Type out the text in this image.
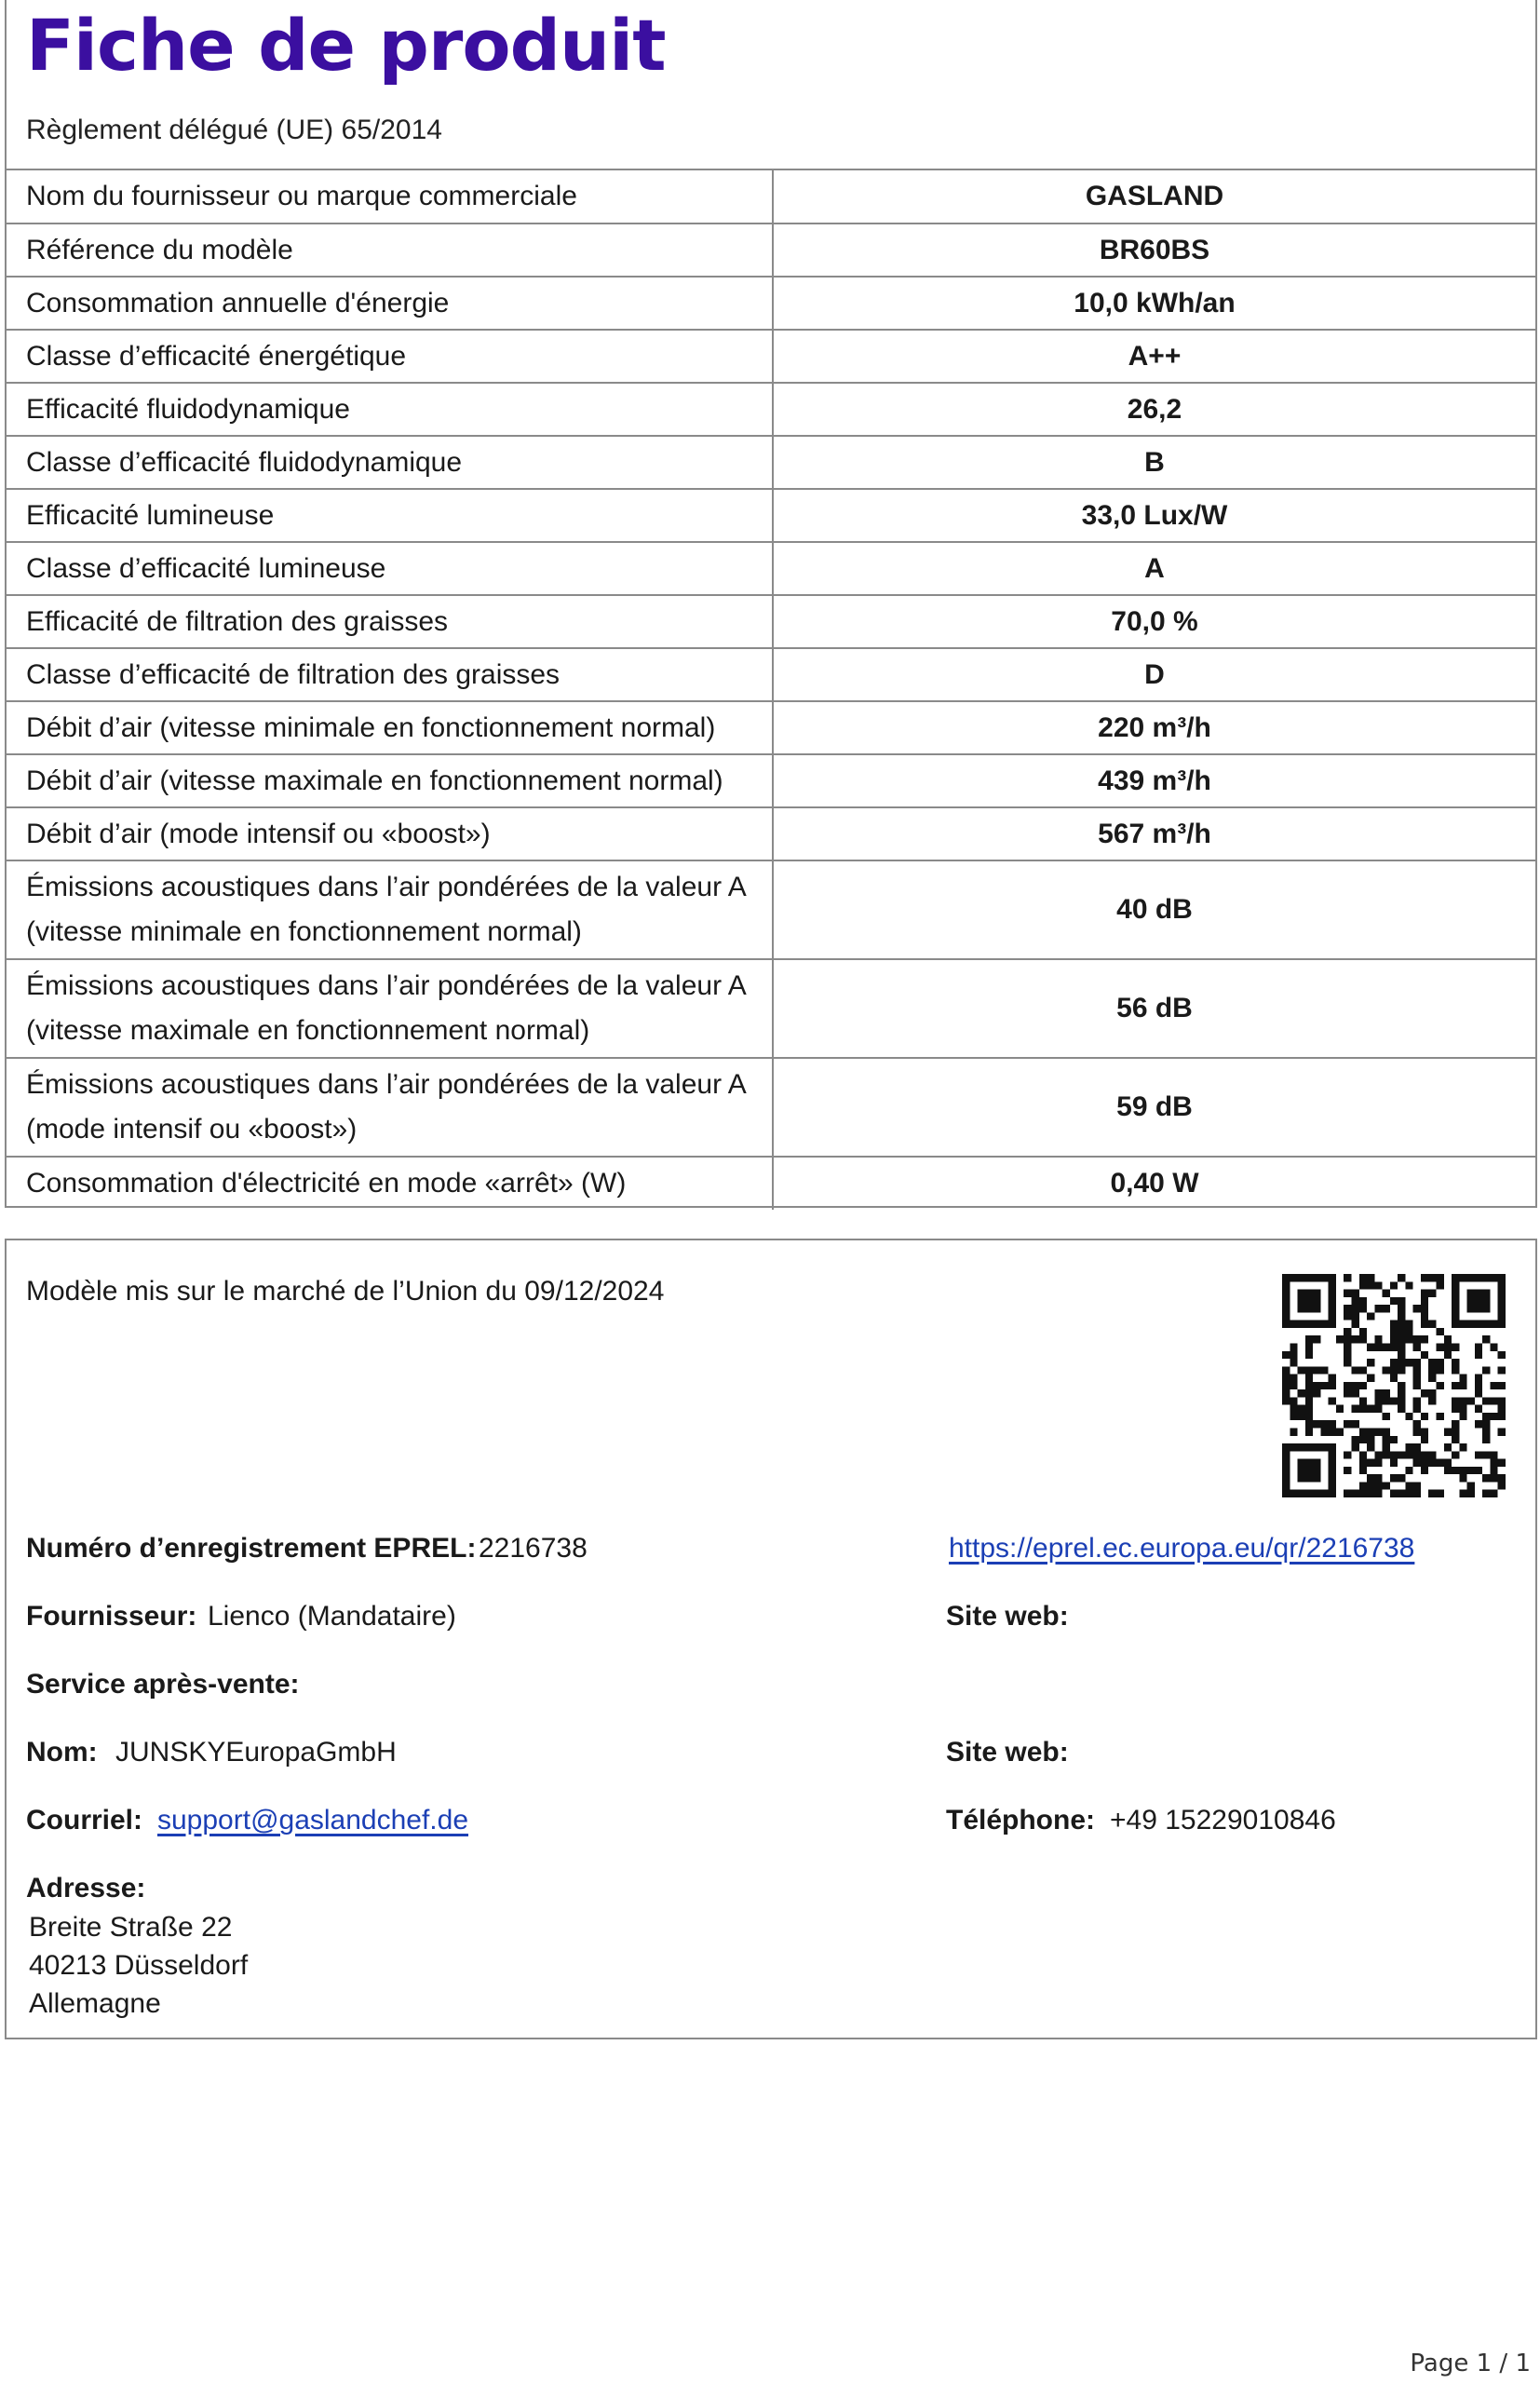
Fiche de produit
Règlement délégué (UE) 65/2014
Nom du fournisseur ou marque commerciale	GASLAND

Référence du modèle	BR60BS

Consommation annuelle d'énergie	10,0 kWh/an

Classe d’efficacité énergétique	A++

Efficacité fluidodynamique	26,2

Classe d’efficacité fluidodynamique	B

Efficacité lumineuse	33,0 Lux/W

Classe d’efficacité lumineuse	A

Efficacité de filtration des graisses	70,0 %

Classe d’efficacité de filtration des graisses	D

Débit d’air (vitesse minimale en fonctionnement normal)	220 m³/h

Débit d’air (vitesse maximale en fonctionnement normal)	439 m³/h

Débit d’air (mode intensif ou «boost»)	567 m³/h

Émissions acoustiques dans l’air pondérées de la valeur A
(vitesse minimale en fonctionnement normal)	40 dB

Émissions acoustiques dans l’air pondérées de la valeur A
(vitesse maximale en fonctionnement normal)	56 dB

Émissions acoustiques dans l’air pondérées de la valeur A
(mode intensif ou «boost»)	59 dB

Consommation d'électricité en mode «arrêt» (W)	0,40 W
Modèle mis sur le marché de l’Union du 09/12/2024
Numéro d’enregistrement EPREL: 2216738	https://eprel.ec.europa.eu/qr/2216738
Fournisseur: Lienco (Mandataire)	Site web:
Service après-vente:
Nom: JUNSKYEuropaGmbH	Site web:
Courriel: support@gaslandchef.de	Téléphone: +49 15229010846
Adresse:
Breite Straße 22
40213 Düsseldorf
Allemagne
Page 1 / 1
